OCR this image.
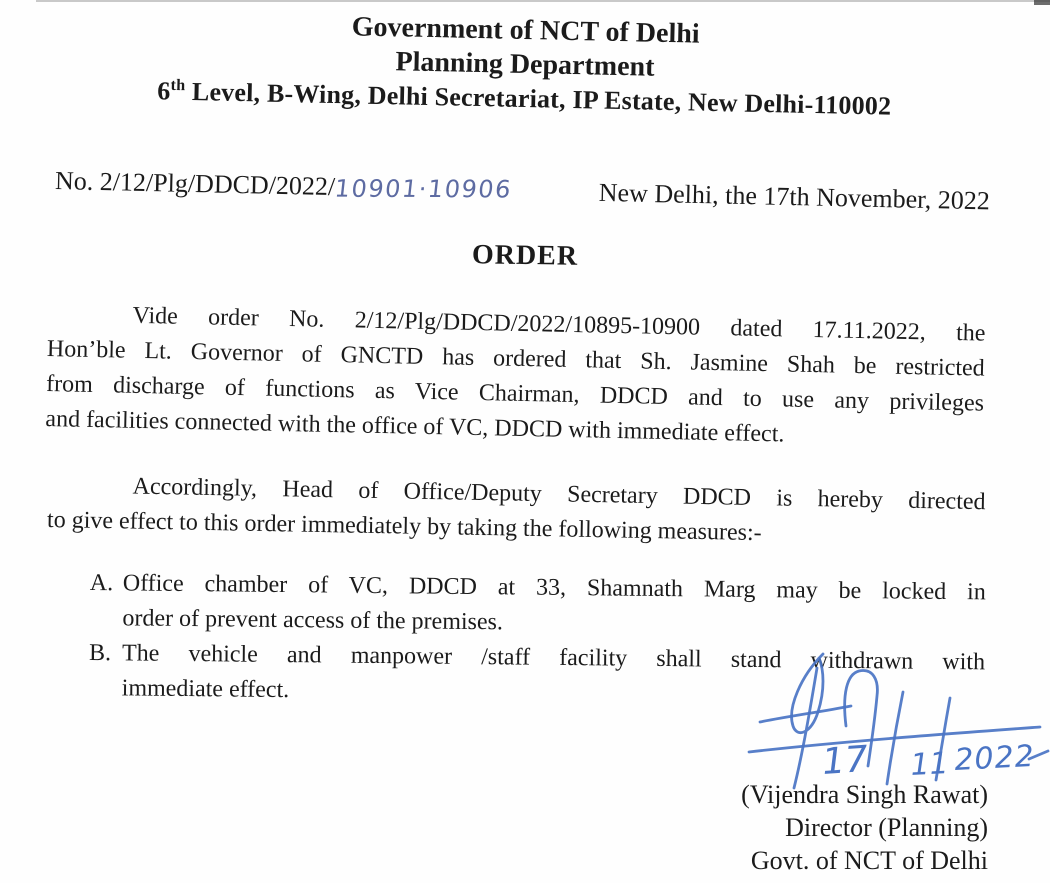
Government of NCT of Delhi
Planning Department
6th Level, B-Wing, Delhi Secretariat, IP Estate, New Delhi-110002
No. 2/12/Plg/DDCD/2022/10901·10906	New Delhi, the 17th November, 2022
ORDER
Vide order No. 2/12/Plg/DDCD/2022/10895-10900 dated 17.11.2022, the
Hon’ble Lt. Governor of GNCTD has ordered that Sh. Jasmine Shah be restricted
from discharge of functions as Vice Chairman, DDCD and to use any privileges
and facilities connected with the office of VC, DDCD with immediate effect.
Accordingly, Head of Office/Deputy Secretary DDCD is hereby directed
to give effect to this order immediately by taking the following measures:-
A. Office chamber of VC, DDCD at 33, Shamnath Marg may be locked in
order of prevent access of the premises.
B. The vehicle and manpower /staff facility shall stand withdrawn with
immediate effect.
17 11 2022
(Vijendra Singh Rawat)
Director (Planning)
Govt. of NCT of Delhi
